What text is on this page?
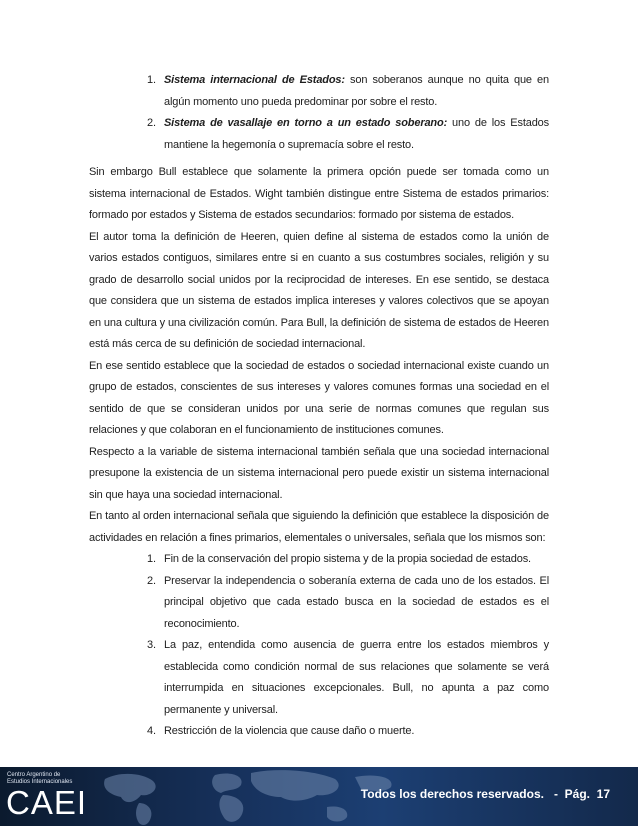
1. Sistema internacional de Estados: son soberanos aunque no quita que en algún momento uno pueda predominar por sobre el resto.
2. Sistema de vasallaje en torno a un estado soberano: uno de los Estados mantiene la hegemonía o supremacía sobre el resto.

Sin embargo Bull establece que solamente la primera opción puede ser tomada como un sistema internacional de Estados. Wight también distingue entre Sistema de estados primarios: formado por estados y Sistema de estados secundarios: formado por sistema de estados.

El autor toma la definición de Heeren, quien define al sistema de estados como la unión de varios estados contiguos, similares entre si en cuanto a sus costumbres sociales, religión y su grado de desarrollo social unidos por la reciprocidad de intereses. En ese sentido, se destaca que considera que un sistema de estados implica intereses y valores colectivos que se apoyan en una cultura y una civilización común. Para Bull, la definición de sistema de estados de Heeren está más cerca de su definición de sociedad internacional.

En ese sentido establece que la sociedad de estados o sociedad internacional existe cuando un grupo de estados, conscientes de sus intereses y valores comunes formas una sociedad en el sentido de que se consideran unidos por una serie de normas comunes que regulan sus relaciones y que colaboran en el funcionamiento de instituciones comunes.

Respecto a la variable de sistema internacional también señala que una sociedad internacional presupone la existencia de un sistema internacional pero puede existir un sistema internacional sin que haya una sociedad internacional.

En tanto al orden internacional señala que siguiendo la definición que establece la disposición de actividades en relación a fines primarios, elementales o universales, señala que los mismos son:

1. Fin de la conservación del propio sistema y de la propia sociedad de estados.
2. Preservar la independencia o soberanía externa de cada uno de los estados. El principal objetivo que cada estado busca en la sociedad de estados es el reconocimiento.
3. La paz, entendida como ausencia de guerra entre los estados miembros y establecida como condición normal de sus relaciones que solamente se verá interrumpida en situaciones excepcionales. Bull, no apunta a paz como permanente y universal.
4. Restricción de la violencia que cause daño o muerte.
Centro Argentino de Estudios Internacionales
CAEI	Todos los derechos reservados.   -  Pág.  17
